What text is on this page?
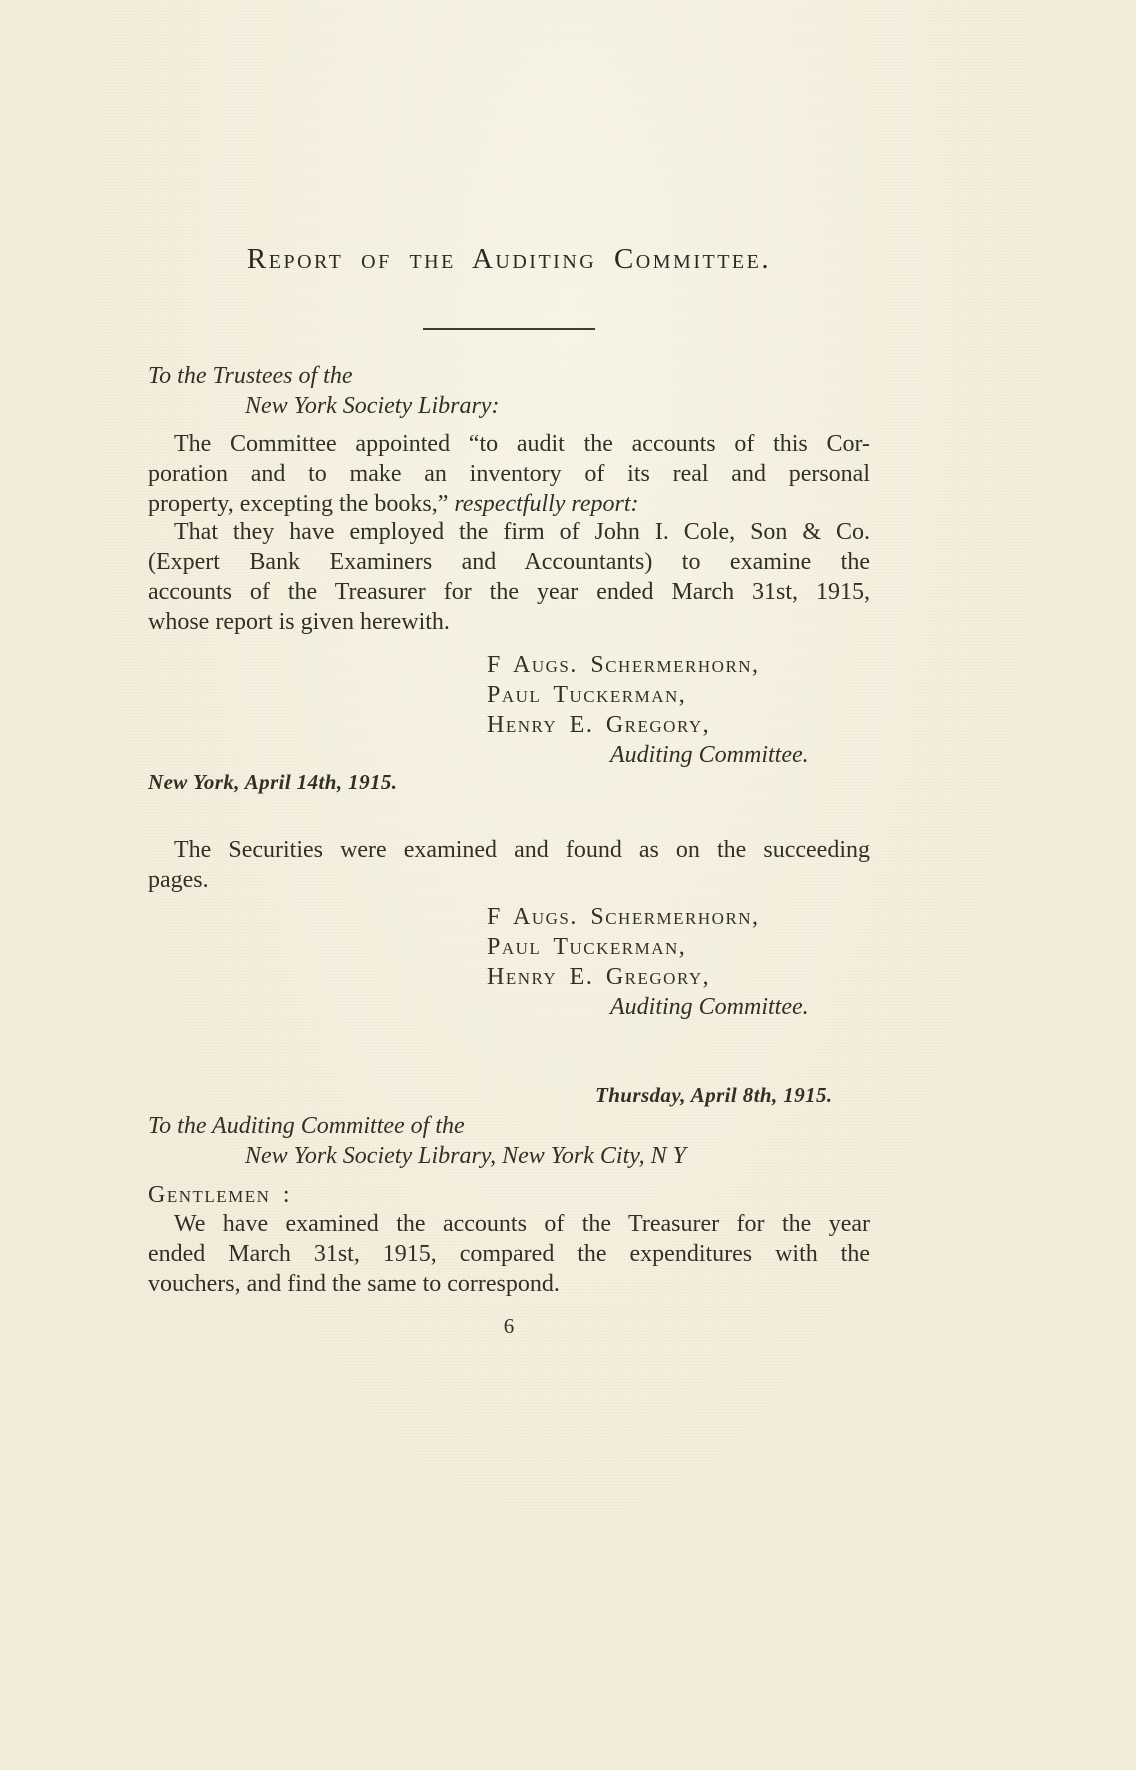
Report of the Auditing Committee.
To the Trustees of the
New York Society Library:
The Committee appointed “to audit the accounts of this Cor-
poration and to make an inventory of its real and personal
property, excepting the books,” respectfully report:
That they have employed the firm of John I. Cole, Son & Co.
(Expert Bank Examiners and Accountants) to examine the
accounts of the Treasurer for the year ended March 31st, 1915,
whose report is given herewith.
F Augs. Schermerhorn,
Paul Tuckerman,
Henry E. Gregory,
Auditing Committee.
New York, April 14th, 1915.
The Securities were examined and found as on the succeeding
pages.
F Augs. Schermerhorn,
Paul Tuckerman,
Henry E. Gregory,
Auditing Committee.
Thursday, April 8th, 1915.
To the Auditing Committee of the
New York Society Library, New York City, N Y
Gentlemen :
We have examined the accounts of the Treasurer for the year
ended March 31st, 1915, compared the expenditures with the
vouchers, and find the same to correspond.
6
